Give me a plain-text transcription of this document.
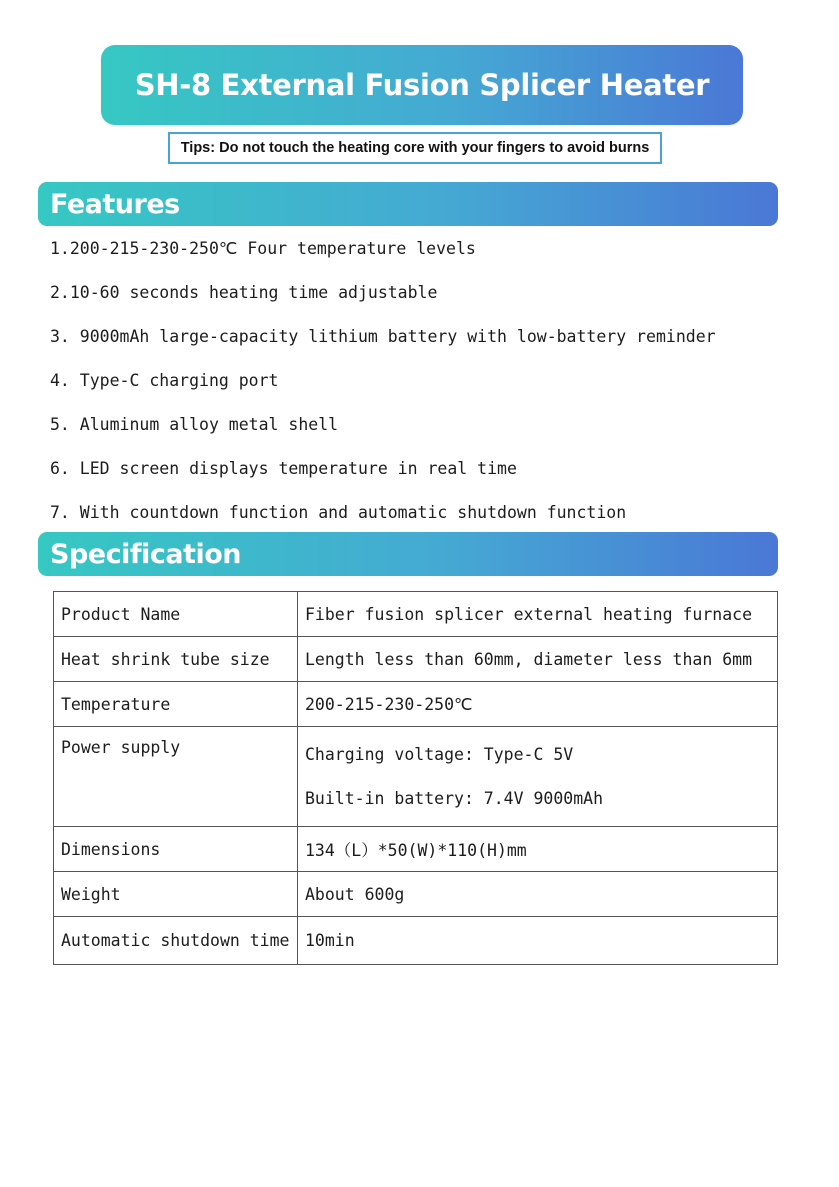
SH-8 External Fusion Splicer Heater
Tips: Do not touch the heating core with your fingers to avoid burns
Features
1.200-215-230-250℃ Four temperature levels
2.10-60 seconds heating time adjustable
3. 9000mAh large-capacity lithium battery with low-battery reminder
4. Type-C charging port
5. Aluminum alloy metal shell
6. LED screen displays temperature in real time
7. With countdown function and automatic shutdown function
Specification
Product Name	Fiber fusion splicer external heating furnace
Heat shrink tube size	Length less than 60mm, diameter less than 6mm
Temperature	200-215-230-250℃
Power supply	Charging voltage: Type-C 5V
Built-in battery: 7.4V 9000mAh

Dimensions	134（L）*50(W)*110(H)mm
Weight	About 600g
Automatic shutdown time	10min
